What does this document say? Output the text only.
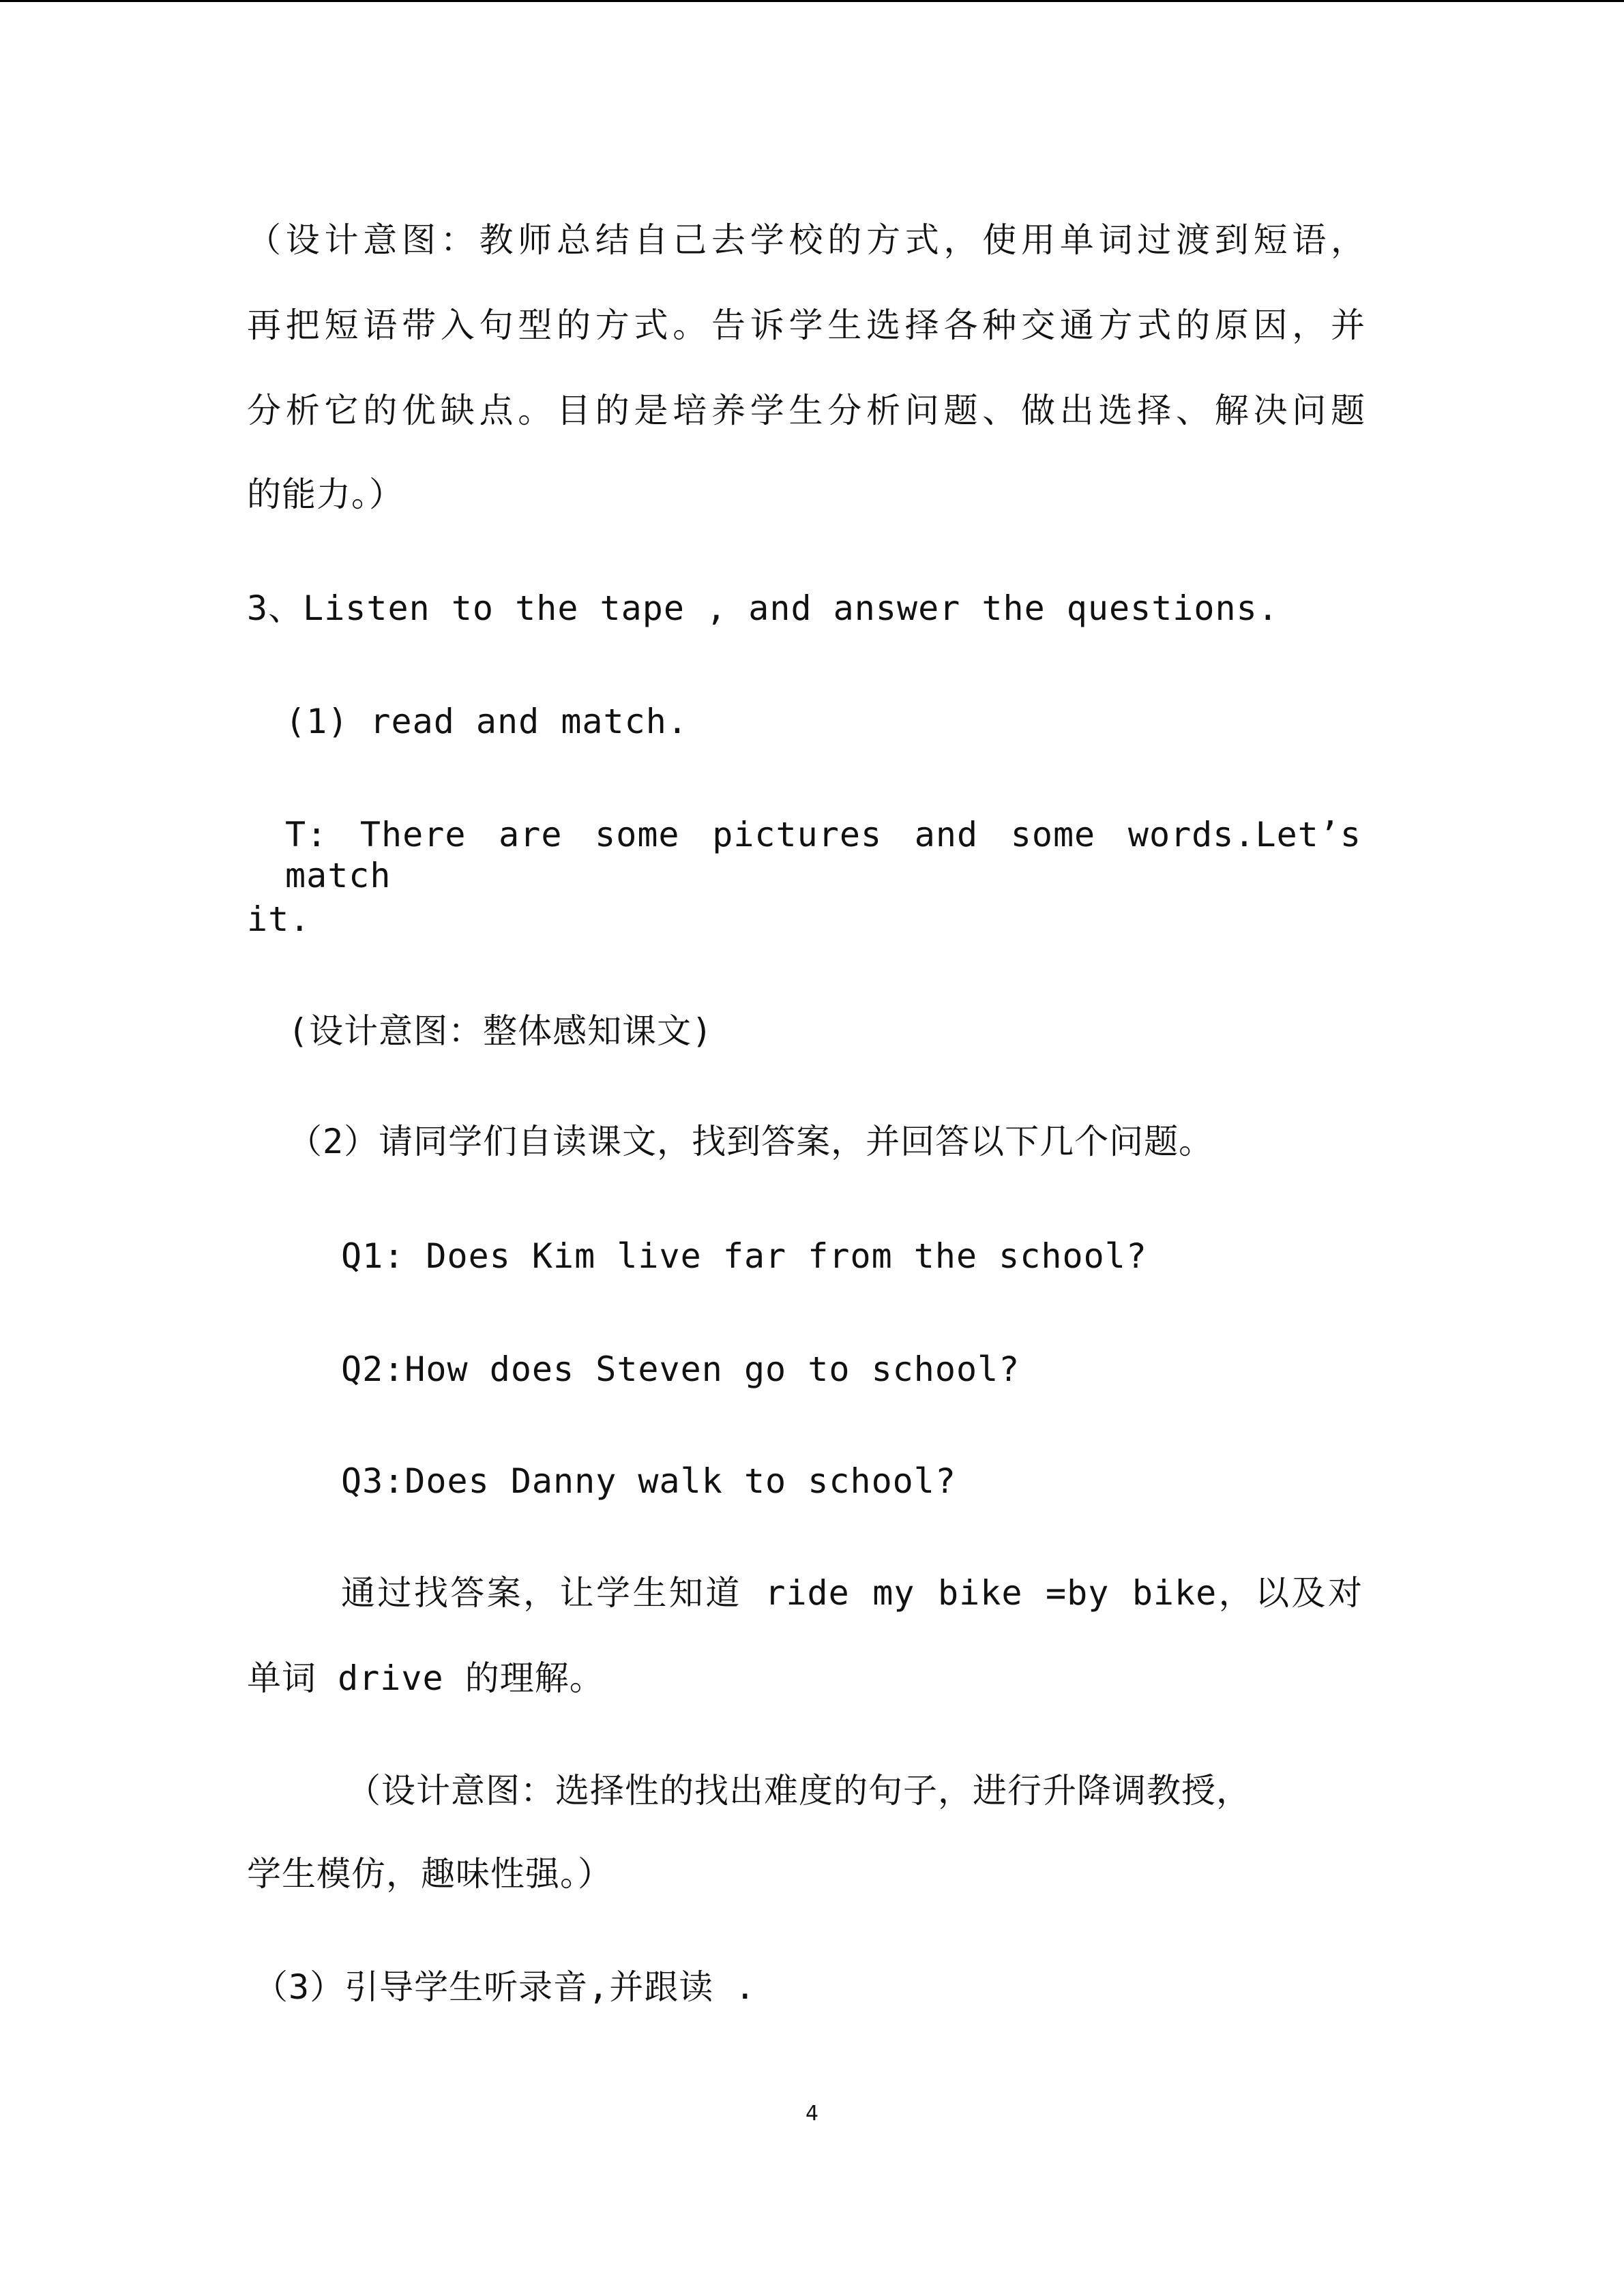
（设计意图：教师总结自己去学校的方式，使用单词过渡到短语，
再把短语带入句型的方式。告诉学生选择各种交通方式的原因，并
分析它的优缺点。目的是培养学生分析问题、做出选择、解决问题
的能力。）
3、Listen to the tape , and answer the questions.
(1) read and match.
T: There are some pictures and some words.Let’s match
it.
(设计意图：整体感知课文)
（2）请同学们自读课文，找到答案，并回答以下几个问题。
Q1: Does Kim live far from the school?
Q2:How does Steven go to school?
Q3:Does Danny walk to school?
通过找答案，让学生知道 ride my bike =by bike，以及对
单词 drive 的理解。
（设计意图：选择性的找出难度的句子，进行升降调教授，
学生模仿，趣味性强。）
（3）引导学生听录音,并跟读 .
4
